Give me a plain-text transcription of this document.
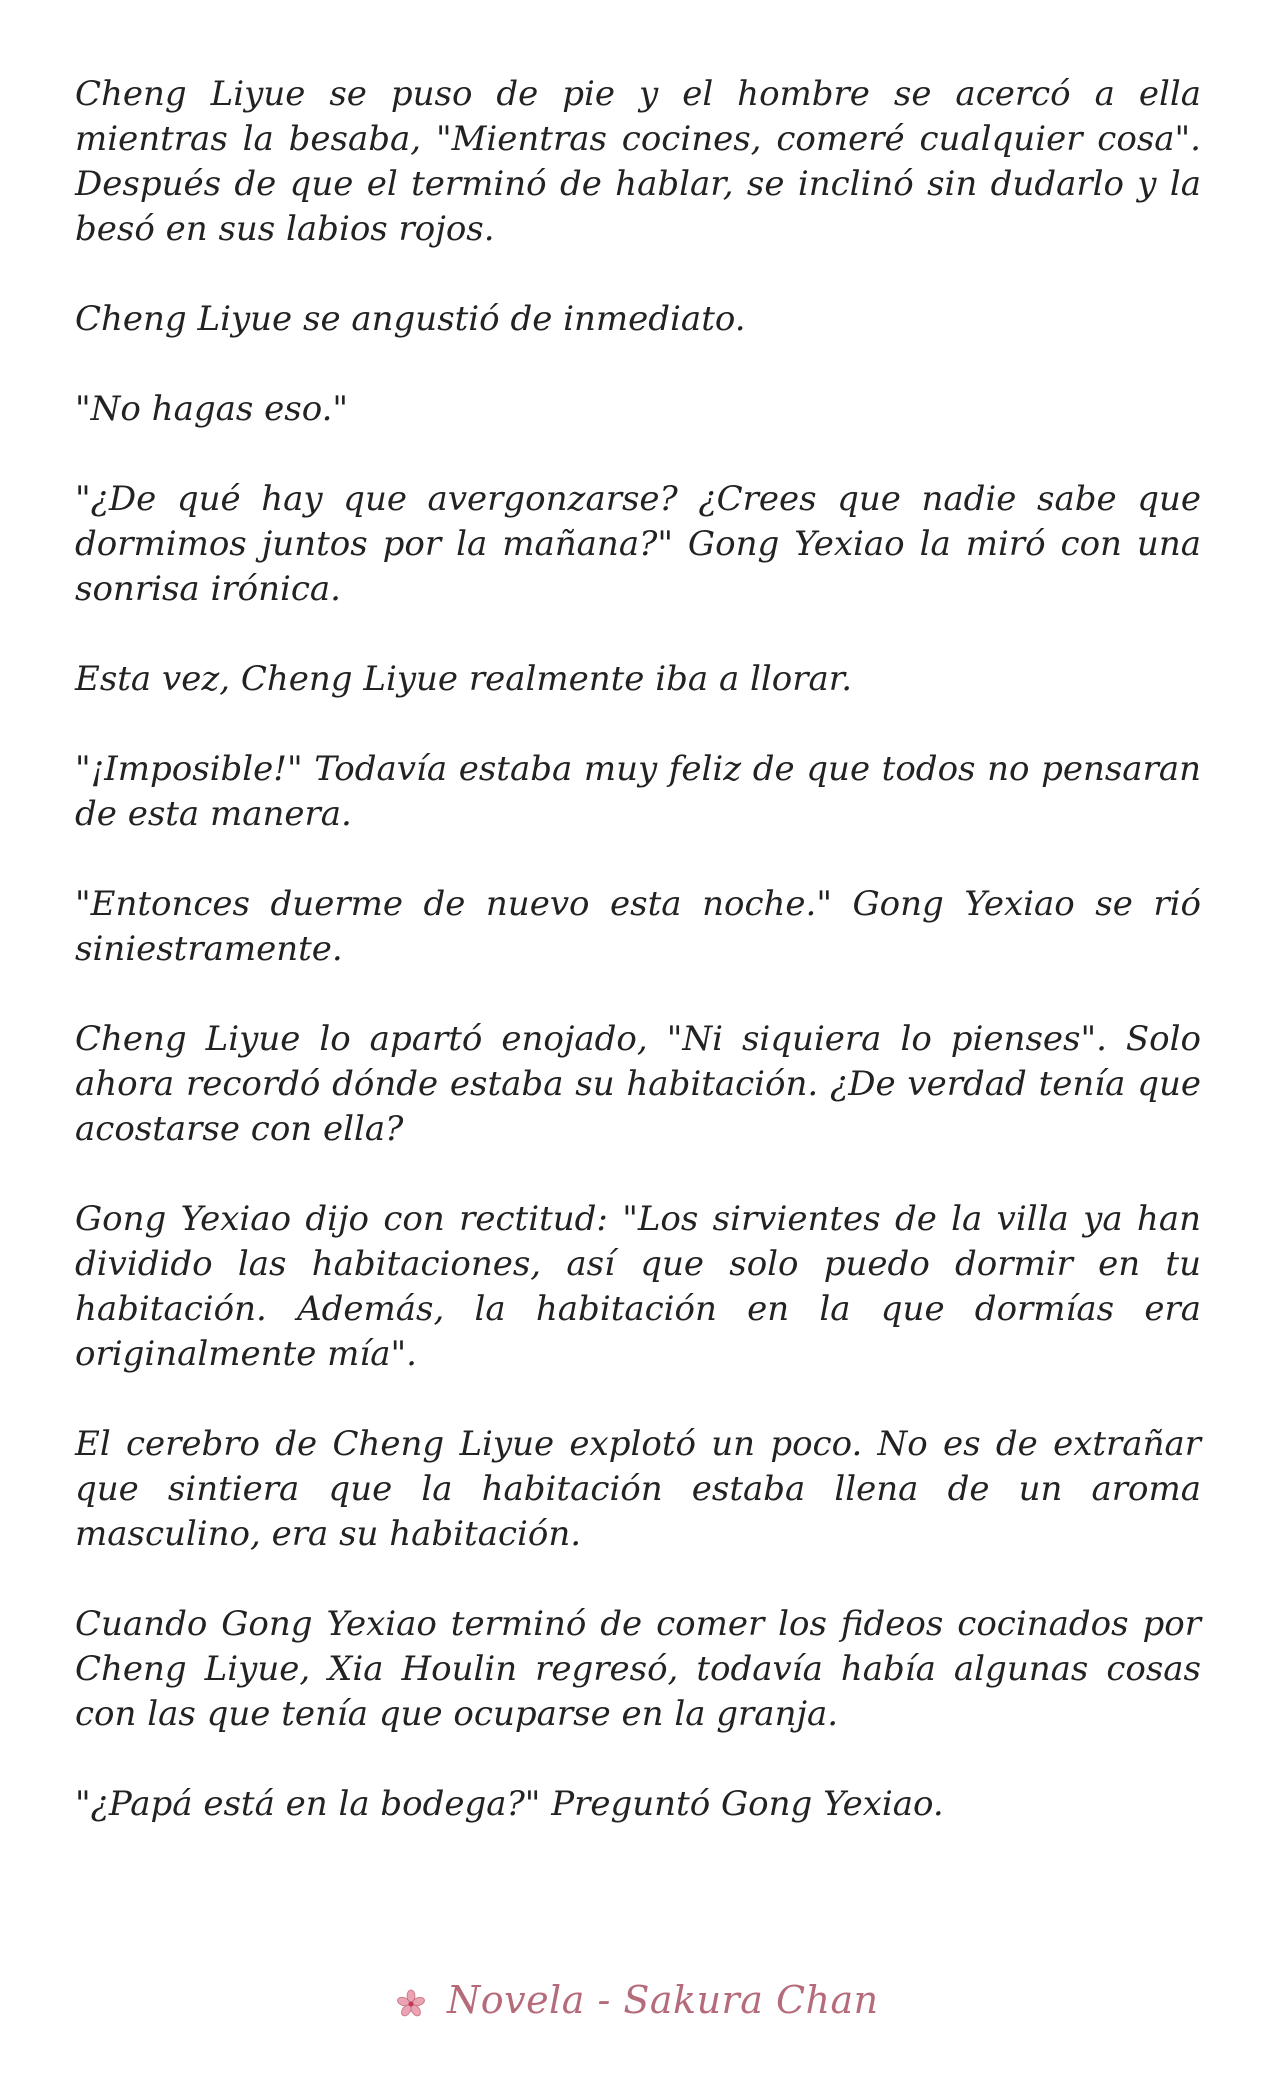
Cheng Liyue se puso de pie y el hombre se acercó a ella mientras la besaba, "Mientras cocines, comeré cualquier cosa". Después de que el terminó de hablar, se inclinó sin dudarlo y la besó en sus labios rojos.

Cheng Liyue se angustió de inmediato.

"No hagas eso."

"¿De qué hay que avergonzarse? ¿Crees que nadie sabe que dormimos juntos por la mañana?" Gong Yexiao la miró con una sonrisa irónica.

Esta vez, Cheng Liyue realmente iba a llorar.

"¡Imposible!" Todavía estaba muy feliz de que todos no pensaran de esta manera.

"Entonces duerme de nuevo esta noche." Gong Yexiao se rió siniestramente.

Cheng Liyue lo apartó enojado, "Ni siquiera lo pienses". Solo ahora recordó dónde estaba su habitación. ¿De verdad tenía que acostarse con ella?

Gong Yexiao dijo con rectitud: "Los sirvientes de la villa ya han dividido las habitaciones, así que solo puedo dormir en tu habitación. Además, la habitación en la que dormías era originalmente mía".

El cerebro de Cheng Liyue explotó un poco. No es de extrañar que sintiera que la habitación estaba llena de un aroma masculino, era su habitación.

Cuando Gong Yexiao terminó de comer los fideos cocinados por Cheng Liyue, Xia Houlin regresó, todavía había algunas cosas con las que tenía que ocuparse en la granja.

"¿Papá está en la bodega?" Preguntó Gong Yexiao.

Novela - Sakura Chan
